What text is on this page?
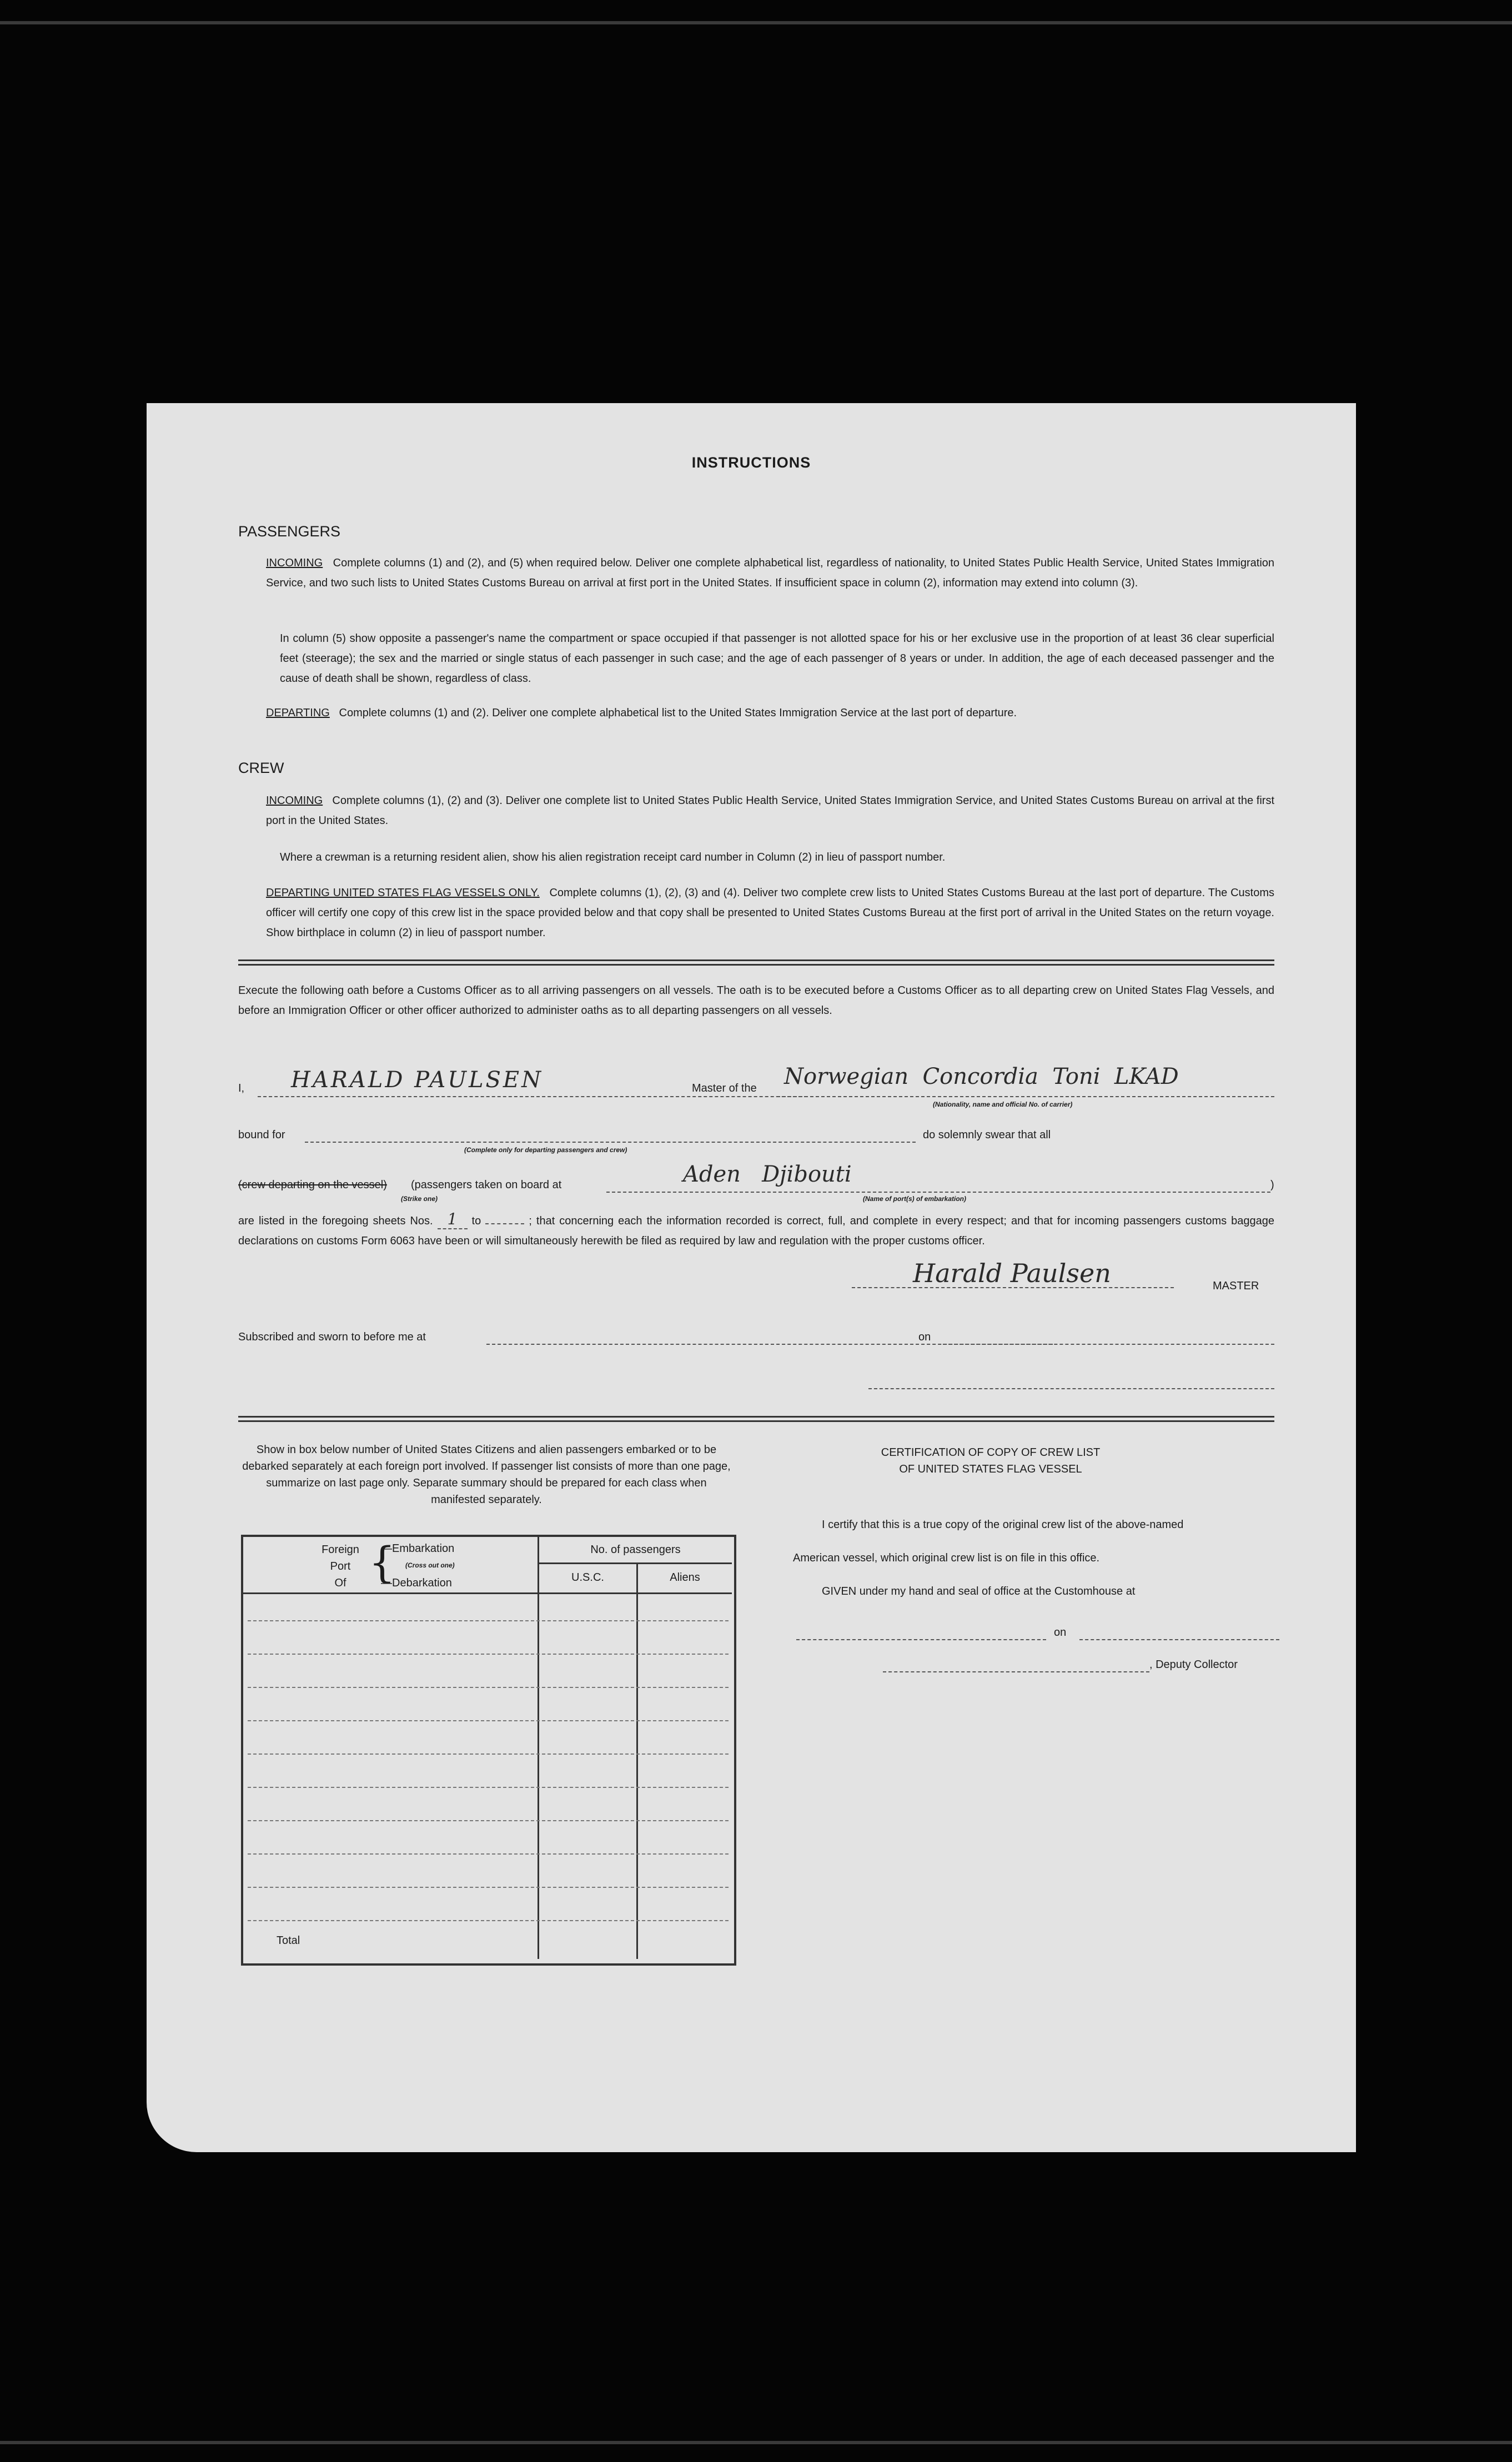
INSTRUCTIONS
PASSENGERS
INCOMING Complete columns (1) and (2), and (5) when required below. Deliver one complete alphabetical list, regardless of nationality, to United States Public Health Service, United States Immigration Service, and two such lists to United States Customs Bureau on arrival at first port in the United States. If insufficient space in column (2), information may extend into column (3).
In column (5) show opposite a passenger's name the compartment or space occupied if that passenger is not allotted space for his or her exclusive use in the proportion of at least 36 clear superficial feet (steerage); the sex and the married or single status of each passenger in such case; and the age of each passenger of 8 years or under. In addition, the age of each deceased passenger and the cause of death shall be shown, regardless of class.
DEPARTING Complete columns (1) and (2). Deliver one complete alphabetical list to the United States Immigration Service at the last port of departure.
CREW
INCOMING Complete columns (1), (2) and (3). Deliver one complete list to United States Public Health Service, United States Immigration Service, and United States Customs Bureau on arrival at the first port in the United States.
Where a crewman is a returning resident alien, show his alien registration receipt card number in Column (2) in lieu of passport number.
DEPARTING UNITED STATES FLAG VESSELS ONLY. Complete columns (1), (2), (3) and (4). Deliver two complete crew lists to United States Customs Bureau at the last port of departure. The Customs officer will certify one copy of this crew list in the space provided below and that copy shall be presented to United States Customs Bureau at the first port of arrival in the United States on the return voyage. Show birthplace in column (2) in lieu of passport number.
Execute the following oath before a Customs Officer as to all arriving passengers on all vessels. The oath is to be executed before a Customs Officer as to all departing crew on United States Flag Vessels, and before an Immigration Officer or other officer authorized to administer oaths as to all departing passengers on all vessels.
I, HARALD PAULSEN	Master of the Norwegian  Concordia  Toni  LKAD
(Nationality, name and official No. of carrier)
bound for
(Complete only for departing passengers and crew)
do solemnly swear that all
(crew departing on the vessel) (passengers taken on board at
(Strike one)
Aden   Djibouti
(Name of port(s) of embarkation)
)
are listed in the foregoing sheets Nos. 1 to	; that concerning each the information recorded is correct, full, and complete in every respect; and that for incoming passengers customs baggage declarations on customs Form 6063 have been or will simultaneously herewith be filed as required by law and regulation with the proper customs officer.
Harald Paulsen	MASTER
Subscribed and sworn to before me at	on
Show in box below number of United States Citizens and alien passengers embarked or to be debarked separately at each foreign port involved. If passenger list consists of more than one page, summarize on last page only. Separate summary should be prepared for each class when manifested separately.
Foreign
Port
Of {
—Embarkation
(Cross out one)
—Debarkation
No. of passengers
U.S.C.	Aliens
Total
CERTIFICATION OF COPY OF CREW LIST
OF UNITED STATES FLAG VESSEL
I certify that this is a true copy of the original crew list of the above-named
American vessel, which original crew list is on file in this office.
GIVEN under my hand and seal of office at the Customhouse at
on
, Deputy Collector
